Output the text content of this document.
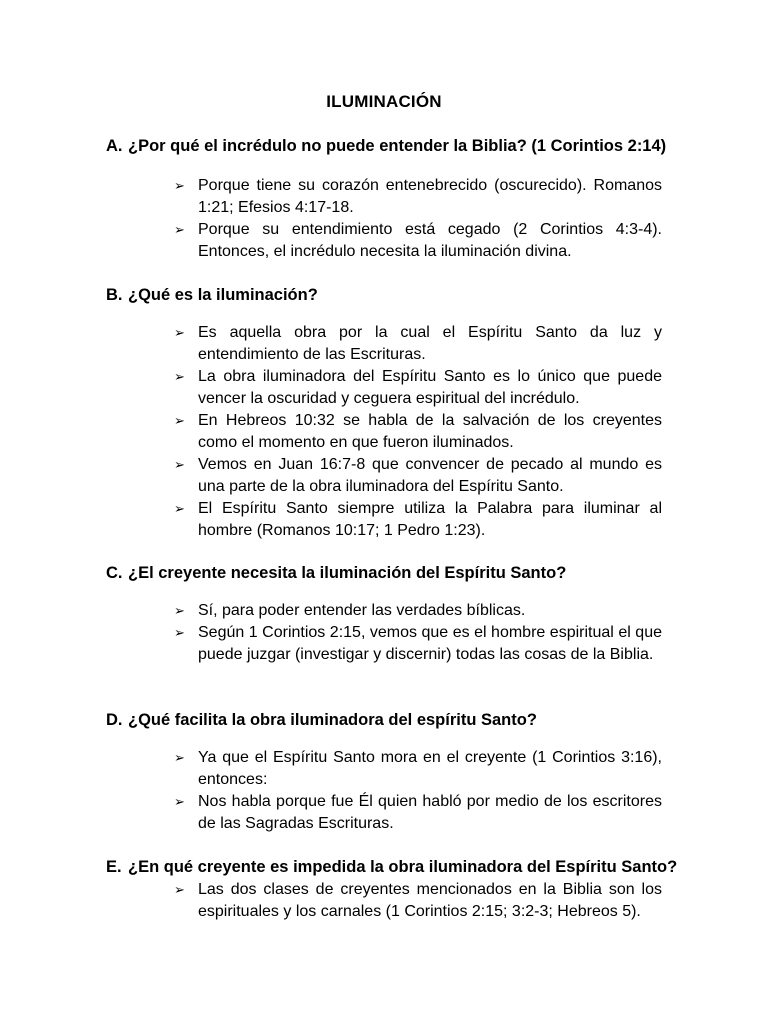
ILUMINACIÓN
A. ¿Por qué el incrédulo no puede entender la Biblia? (1 Corintios 2:14)
➢ Porque tiene su corazón entenebrecido (oscurecido). Romanos 1:21; Efesios 4:17-18.
➢ Porque su entendimiento está cegado (2 Corintios 4:3-4). Entonces, el incrédulo necesita la iluminación divina.
B. ¿Qué es la iluminación?
➢ Es aquella obra por la cual el Espíritu Santo da luz y entendimiento de las Escrituras.
➢ La obra iluminadora del Espíritu Santo es lo único que puede vencer la oscuridad y ceguera espiritual del incrédulo.
➢ En Hebreos 10:32 se habla de la salvación de los creyentes como el momento en que fueron iluminados.
➢ Vemos en Juan 16:7-8 que convencer de pecado al mundo es una parte de la obra iluminadora del Espíritu Santo.
➢ El Espíritu Santo siempre utiliza la Palabra para iluminar al hombre (Romanos 10:17; 1 Pedro 1:23).
C. ¿El creyente necesita la iluminación del Espíritu Santo?
➢ Sí, para poder entender las verdades bíblicas.
➢ Según 1 Corintios 2:15, vemos que es el hombre espiritual el que puede juzgar (investigar y discernir) todas las cosas de la Biblia.
D. ¿Qué facilita la obra iluminadora del espíritu Santo?
➢ Ya que el Espíritu Santo mora en el creyente (1 Corintios 3:16), entonces:
➢ Nos habla porque fue Él quien habló por medio de los escritores de las Sagradas Escrituras.
E. ¿En qué creyente es impedida la obra iluminadora del Espíritu Santo?
➢ Las dos clases de creyentes mencionados en la Biblia son los espirituales y los carnales (1 Corintios 2:15; 3:2-3; Hebreos 5).
